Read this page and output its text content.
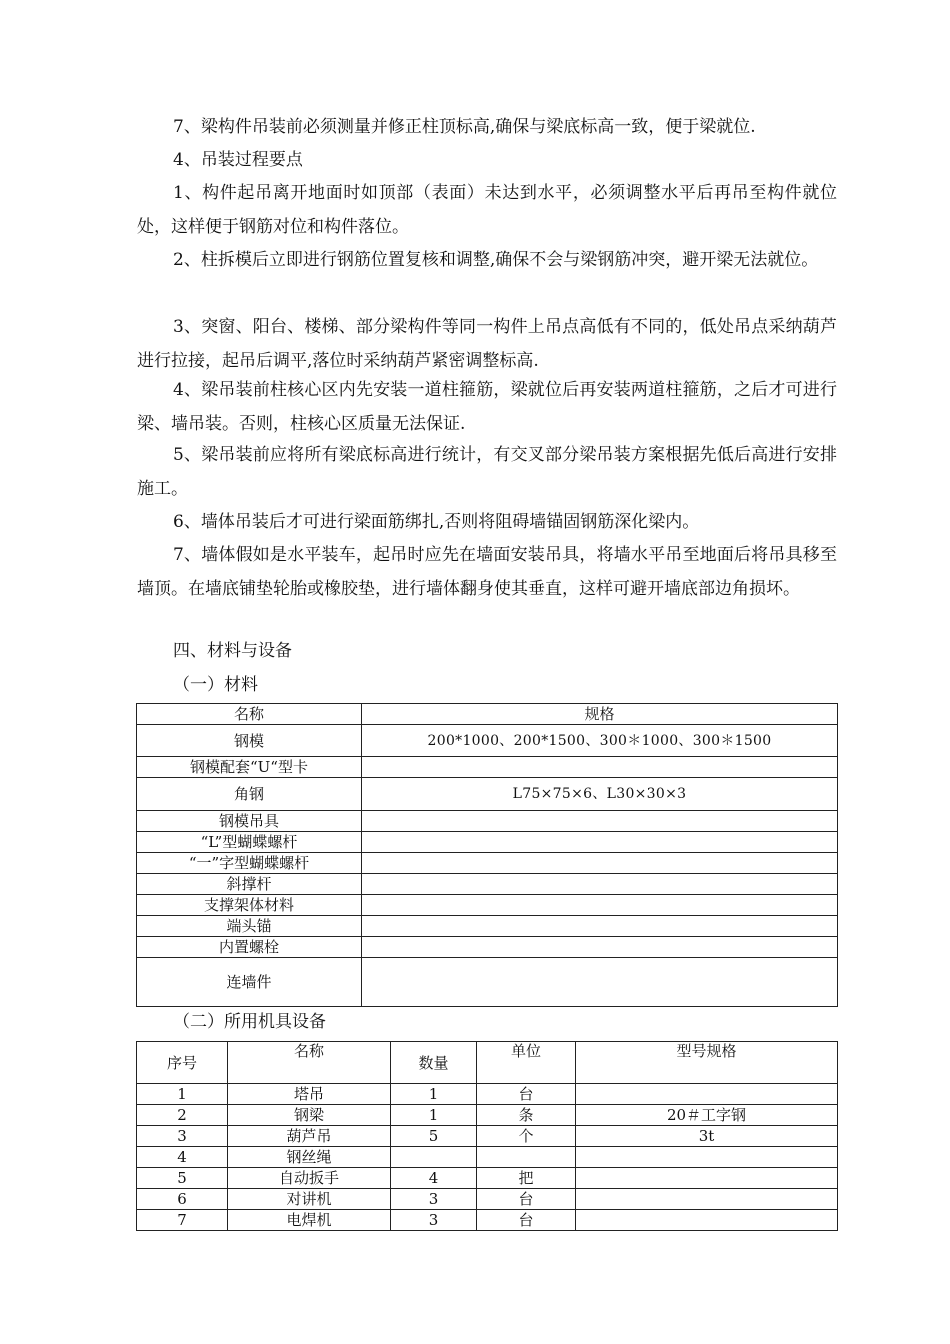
7、梁构件吊装前必须测量并修正柱顶标高,确保与梁底标高一致，便于梁就位.

4、吊装过程要点

1、构件起吊离开地面时如顶部（表面）未达到水平，必须调整水平后再吊至构件就位处，这样便于钢筋对位和构件落位。

2、柱拆模后立即进行钢筋位置复核和调整,确保不会与梁钢筋冲突，避开梁无法就位。

3、突窗、阳台、楼梯、部分梁构件等同一构件上吊点高低有不同的，低处吊点采纳葫芦进行拉接，起吊后调平,落位时采纳葫芦紧密调整标高.

4、梁吊装前柱核心区内先安装一道柱箍筋，梁就位后再安装两道柱箍筋，之后才可进行梁、墙吊装。否则，柱核心区质量无法保证.

5、梁吊装前应将所有梁底标高进行统计，有交叉部分梁吊装方案根据先低后高进行安排施工。

6、墙体吊装后才可进行梁面筋绑扎,否则将阻碍墙锚固钢筋深化梁内。

7、墙体假如是水平装车，起吊时应先在墙面安装吊具，将墙水平吊至地面后将吊具移至墙顶。在墙底铺垫轮胎或橡胶垫，进行墙体翻身使其垂直，这样可避开墙底部边角损坏。

四、材料与设备

（一）材料

名称	规格
钢模	200*1000、200*1500、300＊1000、300＊1500
钢模配套“U“型卡	
角钢	L75×75×6、L30×30×3
钢模吊具	
“L”型蝴蝶螺杆	
“一”字型蝴蝶螺杆	
斜撑杆	
支撑架体材料	
端头锚	
内置螺栓	
连墙件	

（二）所用机具设备

序号	名称	数量	单位	型号规格
1	塔吊	1	台	
2	钢梁	1	条	20＃工字钢
3	葫芦吊	5	个	3t
4	钢丝绳			
5	自动扳手	4	把	
6	对讲机	3	台	
7	电焊机	3	台	
